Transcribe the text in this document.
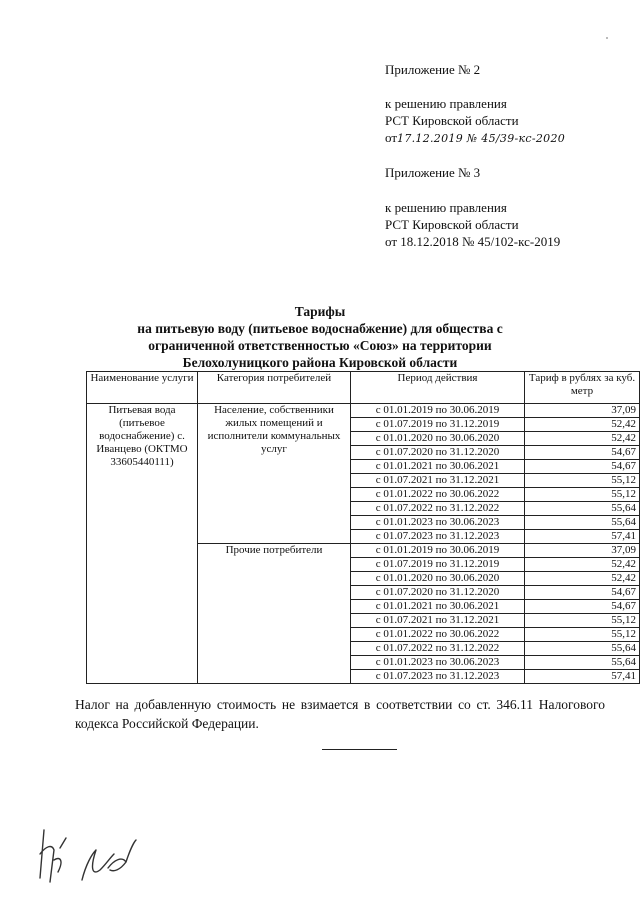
Приложение № 2
к решению правления
РСТ Кировской области
от17.12.2019 № 45/39-кс-2020
Приложение № 3
к решению правления
РСТ Кировской области
от 18.12.2018 № 45/102-кс-2019
Тарифы
на питьевую воду (питьевое водоснабжение) для общества с
ограниченной ответственностью «Союз» на территории
Белохолуницкого района Кировской области
Наименование услуги	Категория потребителей	Период действия	Тариф в рублях за куб. метр
Питьевая вода (питьевое водоснабжение) с. Иванцево (ОКТМО 33605440111)	Население, собственники жилых помещений и исполнители коммунальных услуг	с 01.01.2019 по 30.06.2019	37,09
		с 01.07.2019 по 31.12.2019	52,42
		с 01.01.2020 по 30.06.2020	52,42
		с 01.07.2020 по 31.12.2020	54,67
		с 01.01.2021 по 30.06.2021	54,67
		с 01.07.2021 по 31.12.2021	55,12
		с 01.01.2022 по 30.06.2022	55,12
		с 01.07.2022 по 31.12.2022	55,64
		с 01.01.2023 по 30.06.2023	55,64
		с 01.07.2023 по 31.12.2023	57,41
	Прочие потребители	с 01.01.2019 по 30.06.2019	37,09
		с 01.07.2019 по 31.12.2019	52,42
		с 01.01.2020 по 30.06.2020	52,42
		с 01.07.2020 по 31.12.2020	54,67
		с 01.01.2021 по 30.06.2021	54,67
		с 01.07.2021 по 31.12.2021	55,12
		с 01.01.2022 по 30.06.2022	55,12
		с 01.07.2022 по 31.12.2022	55,64
		с 01.01.2023 по 30.06.2023	55,64
		с 01.07.2023 по 31.12.2023	57,41
Налог на добавленную стоимость не взимается в соответствии со ст. 346.11 Налогового кодекса Российской Федерации.
